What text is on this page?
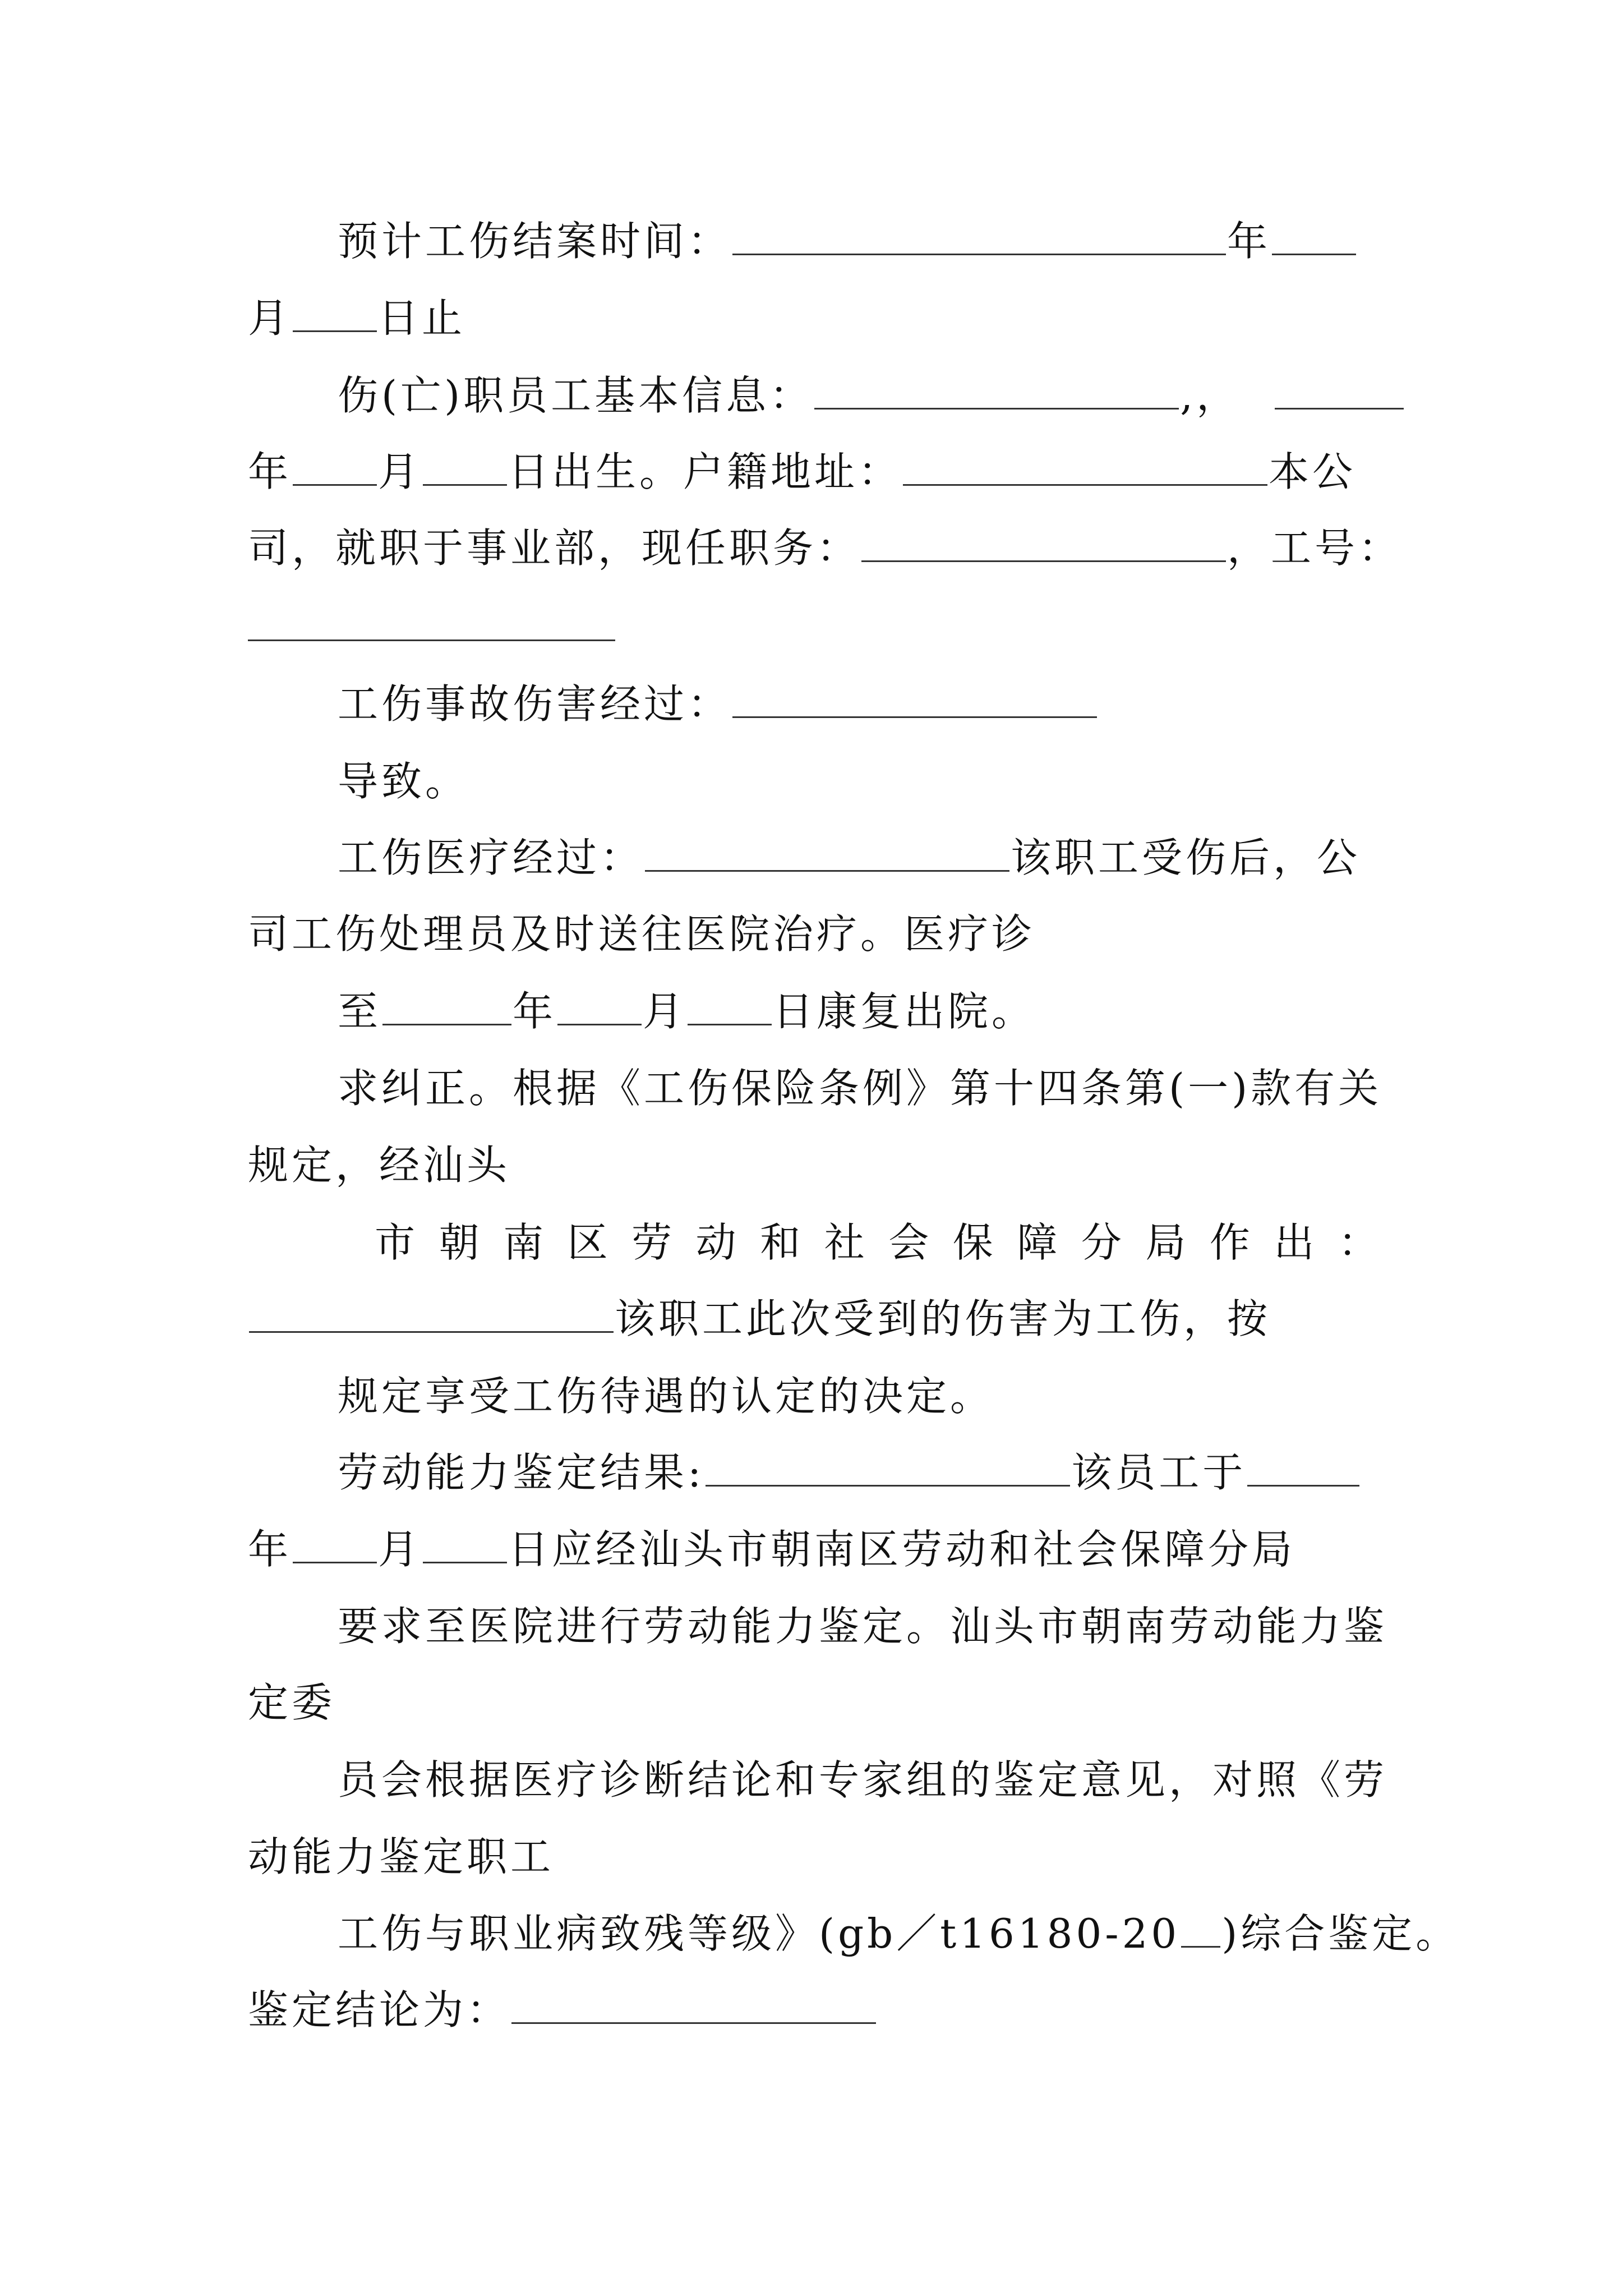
预计工伤结案时间：	年
月 日止
伤(亡)职员工基本信息：	,，
年 月 日出生。户籍地址：	本公
司，就职于事业部，现任职务：	，工号：
工伤事故伤害经过：
导致。
工伤医疗经过：	该职工受伤后，公
司工伤处理员及时送往医院治疗。医疗诊
至	年 月 日康复出院。
求纠正。根据《工伤保险条例》第十四条第(一)款有关
规定，经汕头
市 朝 南 区 劳 动 和 社 会 保 障 分 局 作 出 ：
该职工此次受到的伤害为工伤，按
规定享受工伤待遇的认定的决定。
劳动能力鉴定结果:	该员工于
年 月 日应经汕头市朝南区劳动和社会保障分局
要求至医院进行劳动能力鉴定。汕头市朝南劳动能力鉴
定委
员会根据医疗诊断结论和专家组的鉴定意见，对照《劳
动能力鉴定职工
工伤与职业病致残等级》(gb／t16180-20 )综合鉴定。
鉴定结论为：
